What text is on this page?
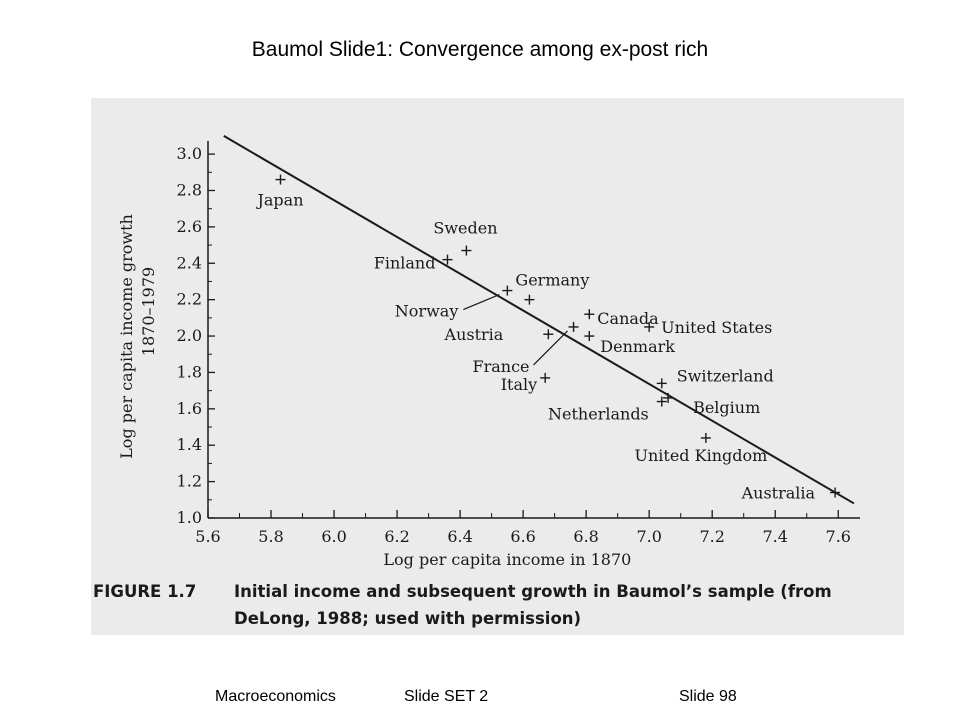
Baumol Slide1: Convergence among ex-post rich
1.0
1.2
1.4
1.6
1.8
2.0
2.2
2.4
2.6
2.8
3.0
5.6 5.8 6.0 6.2 6.4 6.6 6.8 7.0 7.2 7.4 7.6
Japan
Sweden
Finland
Norway
Germany
Canada United States
Austria
France
Denmark
Italy	Switzerland
Belgium
Netherlands
United Kingdom
Australia
Log per capita income in 1870
Log per capita income growth 1870–1979
FIGURE 1.7 Initial income and subsequent growth in Baumol’s sample (from
DeLong, 1988; used with permission)
Macroeconomics	Slide SET 2	Slide 98
